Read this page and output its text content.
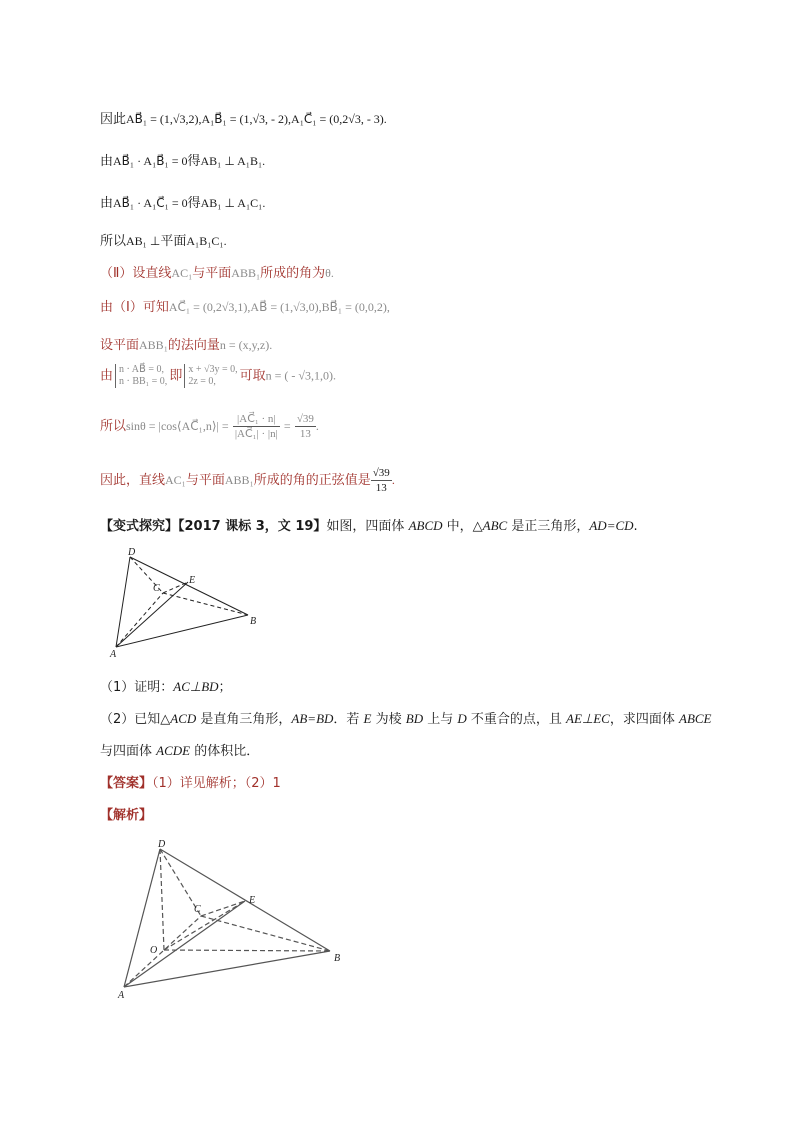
因此AB⃗₁ = (1,√3,2),A₁B⃗₁ = (1,√3, - 2),A₁C⃗₁ = (0,2√3, - 3).
由AB⃗₁ · A₁B⃗₁ = 0得AB₁ ⊥ A₁B₁.
由AB⃗₁ · A₁C⃗₁ = 0得AB₁ ⊥ A₁C₁.
所以AB₁ ⊥平面A₁B₁C₁.
（Ⅱ）设直线AC₁与平面ABB₁所成的角为θ.
由（Ⅰ）可知AC⃗₁ = (0,2√3,1),AB⃗ = (1,√3,0),BB⃗₁ = (0,0,2),
设平面ABB₁的法向量n = (x,y,z).
由 n · AB⃗ = 0,
n · BB₁ = 0, 即 x + √3y = 0,
2z = 0,	可取n = ( - √3,1,0).
所以sinθ = |cos⟨AC⃗₁,n⟩| = $\frac{\text{|AC⃗₁ · n|}}{\text{|AC⃗₁| · |n|}} = \frac{√39}{13}$ .
因此，直线AC₁与平面ABB₁所成的角的正弦值是 $\frac{√39}{13}$ .
【变式探究】【2017 课标 3，文 19】如图，四面体 ABCD 中，△ABC 是正三角形，AD=CD.
D
E
C
B
A
（1）证明：AC⊥BD；
（2）已知△ACD 是直角三角形，AB=BD．若 E 为棱 BD 上与 D 不重合的点，且 AE⊥EC，求四面体 ABCE
与四面体 ACDE 的体积比．
【答案】（1）详见解析；（2）1
【解析】
D
E
C
O
B
A
